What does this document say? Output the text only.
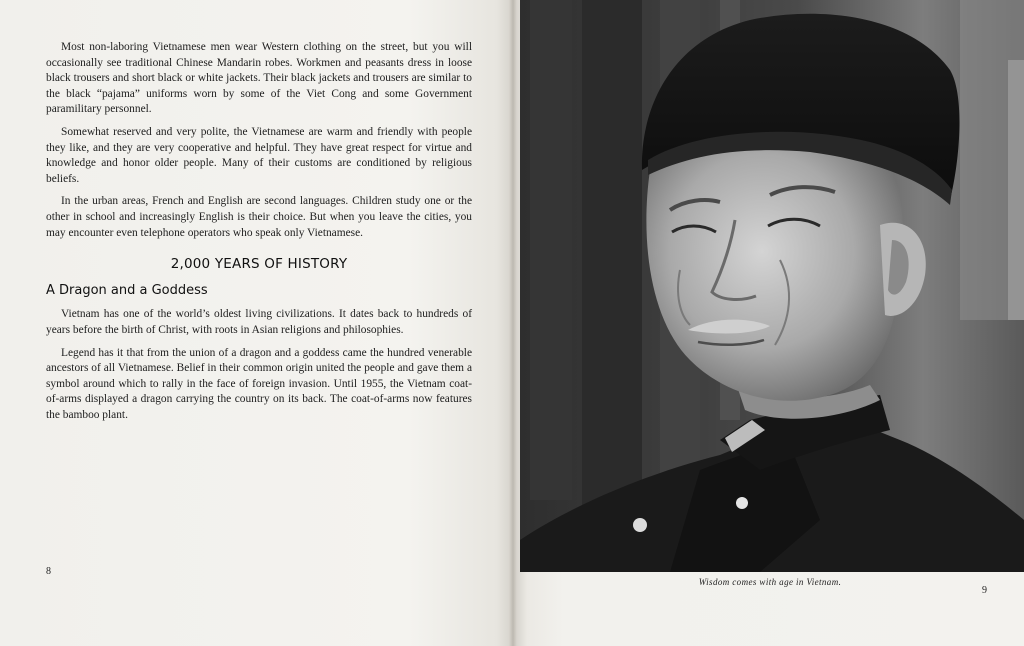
Most non-laboring Vietnamese men wear Western clothing on the street, but you will occasionally see traditional Chinese Mandarin robes. Workmen and peasants dress in loose black trousers and short black or white jackets. Their black jackets and trousers are similar to the black “pajama” uniforms worn by some of the Viet Cong and some Government paramilitary personnel.

Somewhat reserved and very polite, the Vietnamese are warm and friendly with people they like, and they are very cooperative and helpful. They have great respect for virtue and knowledge and honor older people. Many of their customs are conditioned by religious beliefs.

In the urban areas, French and English are second languages. Children study one or the other in school and increasingly English is their choice. But when you leave the cities, you may encounter even telephone operators who speak only Vietnamese.

2,000 YEARS OF HISTORY
A Dragon and a Goddess

Vietnam has one of the world’s oldest living civilizations. It dates back to hundreds of years before the birth of Christ, with roots in Asian religions and philosophies.

Legend has it that from the union of a dragon and a goddess came the hundred venerable ancestors of all Vietnamese. Belief in their common origin united the people and gave them a symbol around which to rally in the face of foreign invasion. Until 1955, the Vietnam coat-of-arms displayed a dragon carrying the country on its back. The coat-of-arms now features the bamboo plant.

8
Wisdom comes with age in Vietnam.
9
